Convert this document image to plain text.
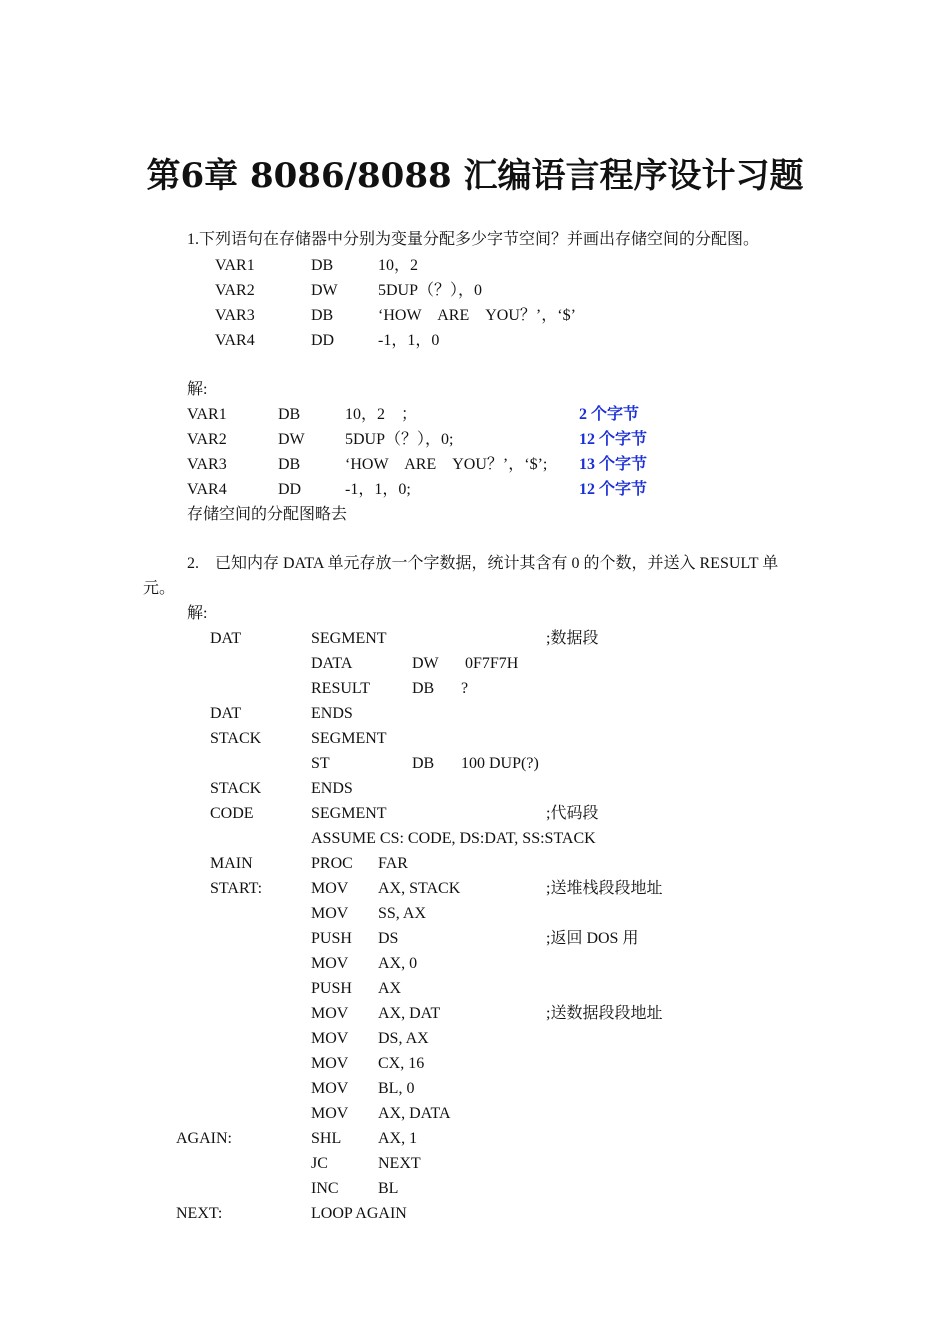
第6章 8086/8088 汇编语言程序设计习题
1.下列语句在存储器中分别为变量分配多少字节空间？并画出存储空间的分配图。
VAR1	DB	10，2
VAR2	DW	5DUP（？），0
VAR3	DB	‘HOW　ARE　YOU？’，‘$’
VAR4	DD	-1，1，0
解:
VAR1	DB	10，2　；	2 个字节
VAR2	DW	5DUP（？），0;	12 个字节
VAR3	DB	‘HOW　ARE　YOU？’，‘$’; 13 个字节
VAR4	DD	-1，1，0;	12 个字节
存储空间的分配图略去
2.　已知内存 DATA 单元存放一个字数据，统计其含有 0 的个数，并送入 RESULT 单
元。
解:
DAT	SEGMENT	;数据段
DATA	DW 0F7F7H
RESULT	DB ?
DAT	ENDS
STACK	SEGMENT
ST	DB 100 DUP(?)
STACK	ENDS
CODE	SEGMENT	;代码段
ASSUME CS: CODE, DS:DAT, SS:STACK
MAIN	PROC FAR
START:	MOV AX, STACK	;送堆栈段段地址
MOV SS, AX
PUSH DS	;返回 DOS 用
MOV AX, 0
PUSH AX
MOV AX, DAT	;送数据段段地址
MOV DS, AX
MOV CX, 16
MOV BL, 0
MOV AX, DATA
AGAIN:	SHL AX, 1
JC	NEXT
INC BL
NEXT:	LOOP AGAIN
